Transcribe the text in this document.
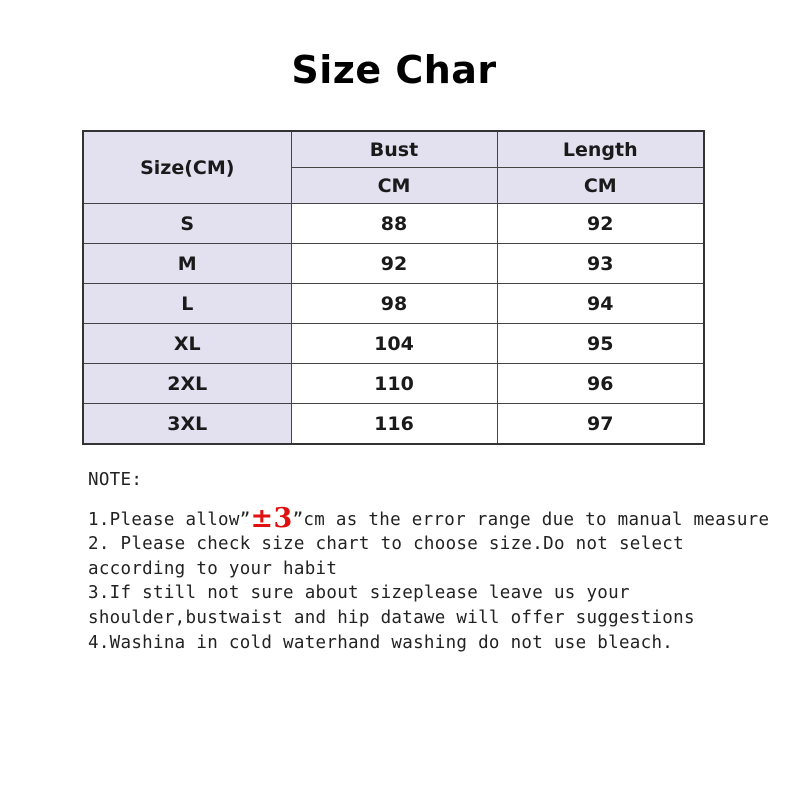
Size Char
Size(CM)	Bust	Length
	CM	CM
S	88	92
M	92	93
L	98	94
XL	104	95
2XL	110	96
3XL	116	97
NOTE:
1.Please allow”±3”cm as the error range due to manual measure
2. Please check size chart to choose size.Do not select according to your habit
3.If still not sure about sizeplease leave us your shoulder,bustwaist and hip datawe will offer suggestions
4.Washina in cold waterhand washing do not use bleach.
